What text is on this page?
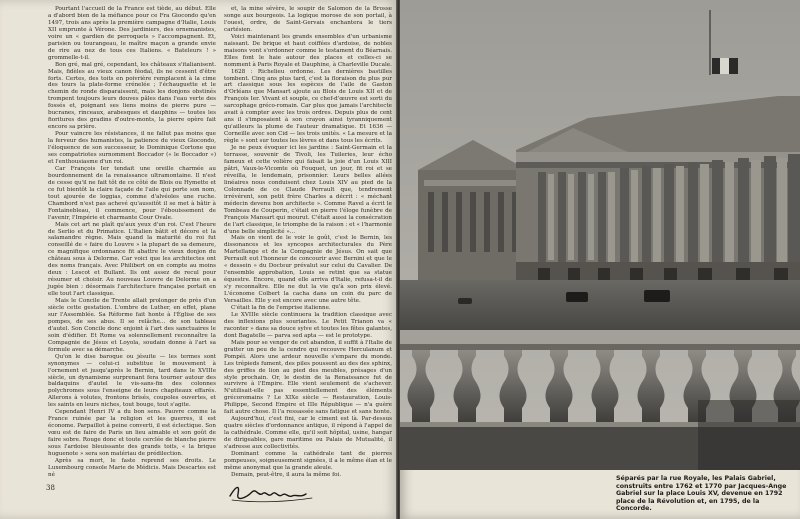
Pourtant l'accueil de la France est tiède, au début. Elle a d'abord bien de la méfiance pour ce Fra Giocondo qu'en 1497, trois ans après la première campagne d'Italie, Louis XII emprunte à Vérone. Des jardiniers, des ornemanistes, voire un « gardien de perroquets » l'accompagnent. Et, parisien ou tourangeau, le maître maçon a grande envie de rire au nez de tous ces Italiens. « Bateleurs ! » grommelle-t-il.

Bon gré, mal gré, cependant, les châteaux s'italianisent. Mais, fidèles au vieux canon féodal, ils ne cessent d'être forts. Certes, des toits en poivrière remplacent à la cime des tours la plate-forme crénelée ; l'échauguette et le chemin de ronde disparaissent, mais les donjons obstinés trompent toujours leurs douves pâles dans l'eau verte des fossés et, poignant ses liens moins de pierre pure — bucranes, rinceaux, arabesques et dauphins — toutes les fioritures des gradins d'outre-monts, la pierre opère fait encore sa prière.

Pour vaincre les résistances, il ne fallut pas moins que la ferveur des humanistes, la patience du vieux Giocondo, l'éloquence de son successeur, le Dominique Cortone que ses compatriotes surnomment Boccador (« le Boccador ») et l'enthousiasme d'un roi.

Car François Ier tendait une oreille charmée au bourdonnement de la renaissance ultramontaine. Il n'est de cesse qu'il ne fait tôt de ce côté de Blois ou Hymette et ce fut bientôt la claire façade de l'aile qui porte son nom, tout ajourée de loggias, comme d'alvéoles une ruche. Chambord n'est pas achevé qu'aussitôt il se met à bâtir à Fontainebleau, il commence, pour l'ébouissement de l'avenir, l'Impérie et charmante Cour Ovale.

Mais cet art ne plaît qu'aux yeux d'un roi. C'est l'heure de Serlio et du Primatice. L'Italien bâtit et décore et la salamandre règne. Mais quand la maturité du roi fut conseillé de « faire du Louvre » la plupart de sa demeure, ce magnifique ordonnance fit abattre le vieux donjon du château sous à Delorme. Car voici que les architectes ont des noms français. Avec Philibert on en compte au moins deux : Lescot et Bullant. Ils ont assez de recul pour résumer et choisir. Au nouveau Louvre de Delorme on a jugée bien : désormais l'architecture française portait en elle tout l'art classique.

Mais le Concile de Trente allait prolonger de près d'un siècle cette gestation. L'ombre de Luther, en effet, plane sur l'Assemblée. Sa Réforme fait honte à l'Église de ses pompes, de ses abus. Il se relâche... de son tableau d'autel. Son Concile donc enjoint à l'art des sanctuaires le soin d'édifier. Et Rome va solennellement reconnaître la Compagnie de Jésus et Loyola, soudain donne à l'art sa formule avec sa démarche.

Qu'on le dise baroque ou jésuite — les termes sont synonymes — celui-ci substitue le mouvement à l'ornement et jusqu'après le Bernin, tard dans le XVIIIe siècle, un dynamisme surprenant fera tourner autour des baldaquins d'autel le vis-sans-fin des colonnes polychromes sous l'enseigne de leurs chapiteaux effarés. Allerons à volutes, frontons brisés, coupoles ouvertes, et les saints en leurs niches, tout bouge, tout s'agite.

Cependant Henri IV a du bon sens. Pauvre comme la France ruinée par la religion et les guerres, il est économe. Parpaillot à peine converti, il est éclectique. Son vœu est de faire de Paris un lieu aimable et son goût de faire sobre. Rouge donc et toute cerclée de blanche pierre sous l'ardoise bleuissante des grands toits, « la brique huguenote » sera son matériau de prédilection.

Après sa mort, le faste reprend ses droits. Le Luxembourg console Marie de Médicis. Mais Descartes est né

et, la mine sévère, le soupir de Salomon de la Brosse songe aux bourgeois. La logique morose de son portail, à l'ouest, ordre, de Saint-Gervais enchantera le tiers cartésien.

Voici maintenant les grands ensembles d'un urbanisme naissant. De brique et haut coiffées d'ardoise, de nobles maisons vont s'ordonner comme le testament du Béarnais. Elles font le haie autour des places et celles-ci se nomment à Paris Royale et Dauphine, à Charleville Ducale.

1628 : Richelieu ordonne. Les dernières bastilles tombent. Cinq ans plus tard, c'est la floraison du plus pur art classique sous les espèces de l'aile de Gaston d'Orléans que Mansart ajoute au Blois de Louis XII et de François Ier. Vivant et souple, ce chef-d'œuvre est sorti du sarcophage gréco-romain. Car plus que jamais l'architecte avait à compter avec les trois ordres. Depuis plus de cent ans il s'imposaient à son crayon ainsi tyranniquement qu'ailleurs la plume de l'auteur dramatique. Et 1636 — Corneille avec son Cid — les trois unités. « La mesure et la règle » sont sur toutes les lèvres et dans tous les écrits.

Je ne peux évoquer ici les jardins : Saint-Germain et la terrasse, souvenir de Tivoli, les Tuileries, leur écho fameux et cette volière qui faisait la joie d'un Louis XIII pâtri, Vaux-le-Vicomte où Fouquet, un jour, fit roi et se réveilla, le lendemain, prisonnier. Leurs belles allées linéaires nous conduisent chez Louis XIV au pied de la Colonnade de ce Claude Perrault que, tendrement irrévérent, son petit frère Charles a décrit : « méchant médecin devenu bon architecte ». Comme Ravel a écrit le Tombeau de Couperin, c'était en pierre l'éloge funèbre de François Mansart qui mourut. C'était aussi la consécration de l'art classique, le triomphe de la raison : et « l'harmonie d'une belle simplicité »...

Mais on vient de le voir le goût, c'est le Bernin, les dissonances et les syncopes architecturales du Père Martellange et de la Compagnie de Jésus. On sait que Perrault eut l'honneur de concourir avec Bernini et que le « dessein » du Docteur prévalut sur celui du Cavalier. De l'ensemble approbation, Louis se retint que sa statue équestre. Encore, quand elle arriva d'Italie, refusa-t-il de s'y reconnaître. Elle ne dut la vie qu'à son prix élevé. L'économe Colbert la cacha dans un coin du parc de Versailles. Elle y est encore avec une autre tête.

C'était la fin de l'emprise italienne.

Le XVIIIe siècle continuera la tradition classique avec des inflexions plus souriantes. Le Petit Trianon va « raconter » dans sa douce sylve et toutes les fêtes galantes, dont Bagatelle — parva sed apta — est le prototype.

Mais pour se venger de cet abandon, il suffit à l'Italie de gratter un peu de la cendre qui recouvre Herculanum et Pompéi. Alors une ardeur nouvelle s'empare du monde. Les trépieds fument, des piles poussent au des des sphinx, des griffes de lion au pied des meubles, présages d'un style prochain. Or, le destin de la Renaissance fut de survivre à l'Empire. Elle vient seulement de s'achever. N'utilisait-elle pas essentiellement des éléments grécoromains ? Le XIXe siècle — Restauration, Louis-Philippe, Second Empire et IIIe République — n'a guère fait autre chose. Il l'a ressassée sans fatigue et sans honte.

Aujourd'hui, c'est fini, car le ciment est là. Par-dessus quatre siècles d'ordonnance antique, il répond à l'appel de la cathédrale. Comme elle, qu'il soit hôpital, usine, hangar de dirigeables, gare maritime ou Palais de Mutualité, il s'adresse aux collectivités.

Dominant comme la cathédrale tant de pierres pompeuses, soigneusement signées, il a le même élan et le même anonymat que la grande aïeule.

Demain, peut-être, il aura la même foi.

38
Photo Boulenc
Séparés par la rue Royale, les Palais Gabriel, construits entre 1762 et 1770 par Jacques-Ange Gabriel sur la place Louis XV, devenue en 1792 place de la Révolution et, en 1795, de la Concorde.
